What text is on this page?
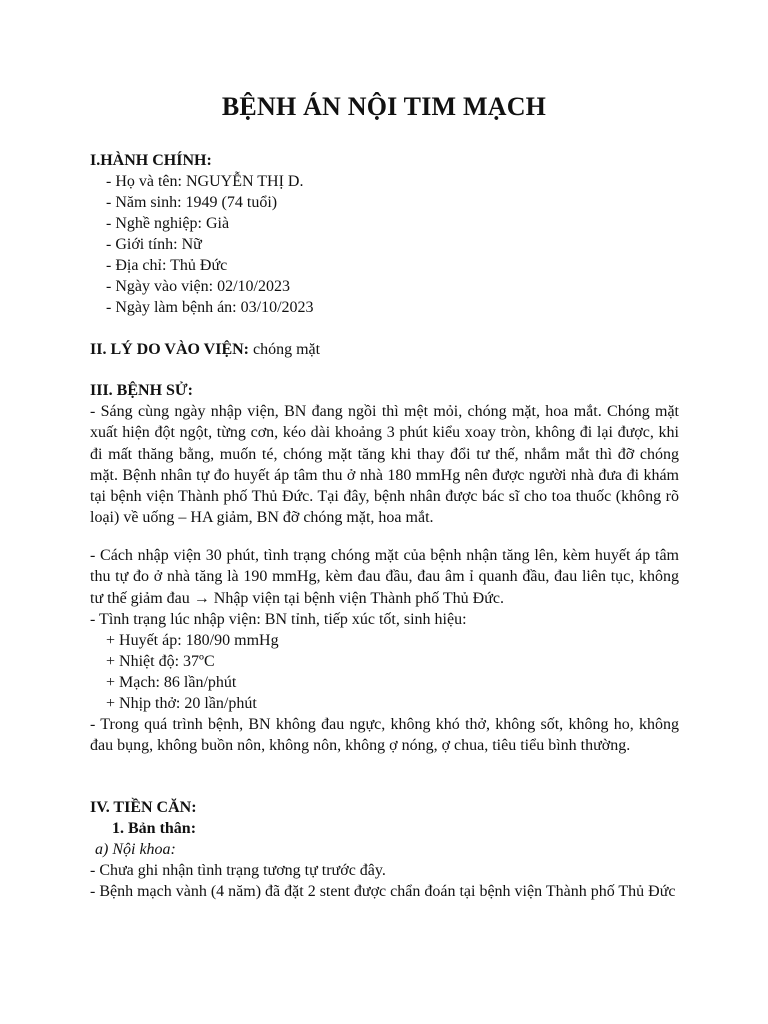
BỆNH ÁN NỘI TIM MẠCH
I.HÀNH CHÍNH:
- Họ và tên: NGUYỄN THỊ D.
- Năm sinh: 1949 (74 tuổi)
- Nghề nghiệp: Già
- Giới tính: Nữ
- Địa chỉ: Thủ Đức
- Ngày vào viện: 02/10/2023
- Ngày làm bệnh án: 03/10/2023
II. LÝ DO VÀO VIỆN: chóng mặt
III. BỆNH SỬ:
- Sáng cùng ngày nhập viện, BN đang ngồi thì mệt mỏi, chóng mặt, hoa mắt. Chóng mặt xuất hiện đột ngột, từng cơn, kéo dài khoảng 3 phút kiểu xoay tròn, không đi lại được, khi đi mất thăng bằng, muốn té, chóng mặt tăng khi thay đổi tư thế, nhắm mắt thì đỡ chóng mặt. Bệnh nhân tự đo huyết áp tâm thu ở nhà 180 mmHg nên được người nhà đưa đi khám tại bệnh viện Thành phố Thủ Đức. Tại đây, bệnh nhân được bác sĩ cho toa thuốc (không rõ loại) về uống – HA giảm, BN đỡ chóng mặt, hoa mắt.
- Cách nhập viện 30 phút, tình trạng chóng mặt của bệnh nhận tăng lên, kèm huyết áp tâm thu tự đo ở nhà tăng là 190 mmHg, kèm đau đầu, đau âm ỉ quanh đầu, đau liên tục, không tư thế giảm đau → Nhập viện tại bệnh viện Thành phố Thủ Đức.
- Tình trạng lúc nhập viện: BN tỉnh, tiếp xúc tốt, sinh hiệu:
+ Huyết áp: 180/90 mmHg
+ Nhiệt độ: 37ºC
+ Mạch: 86 lần/phút
+ Nhịp thở: 20 lần/phút
- Trong quá trình bệnh, BN không đau ngực, không khó thở, không sốt, không ho, không đau bụng, không buồn nôn, không nôn, không ợ nóng, ợ chua, tiêu tiểu bình thường.
IV. TIỀN CĂN:
1. Bản thân:
a) Nội khoa:
- Chưa ghi nhận tình trạng tương tự trước đây.
- Bệnh mạch vành (4 năm) đã đặt 2 stent được chẩn đoán tại bệnh viện Thành phố Thủ Đức
